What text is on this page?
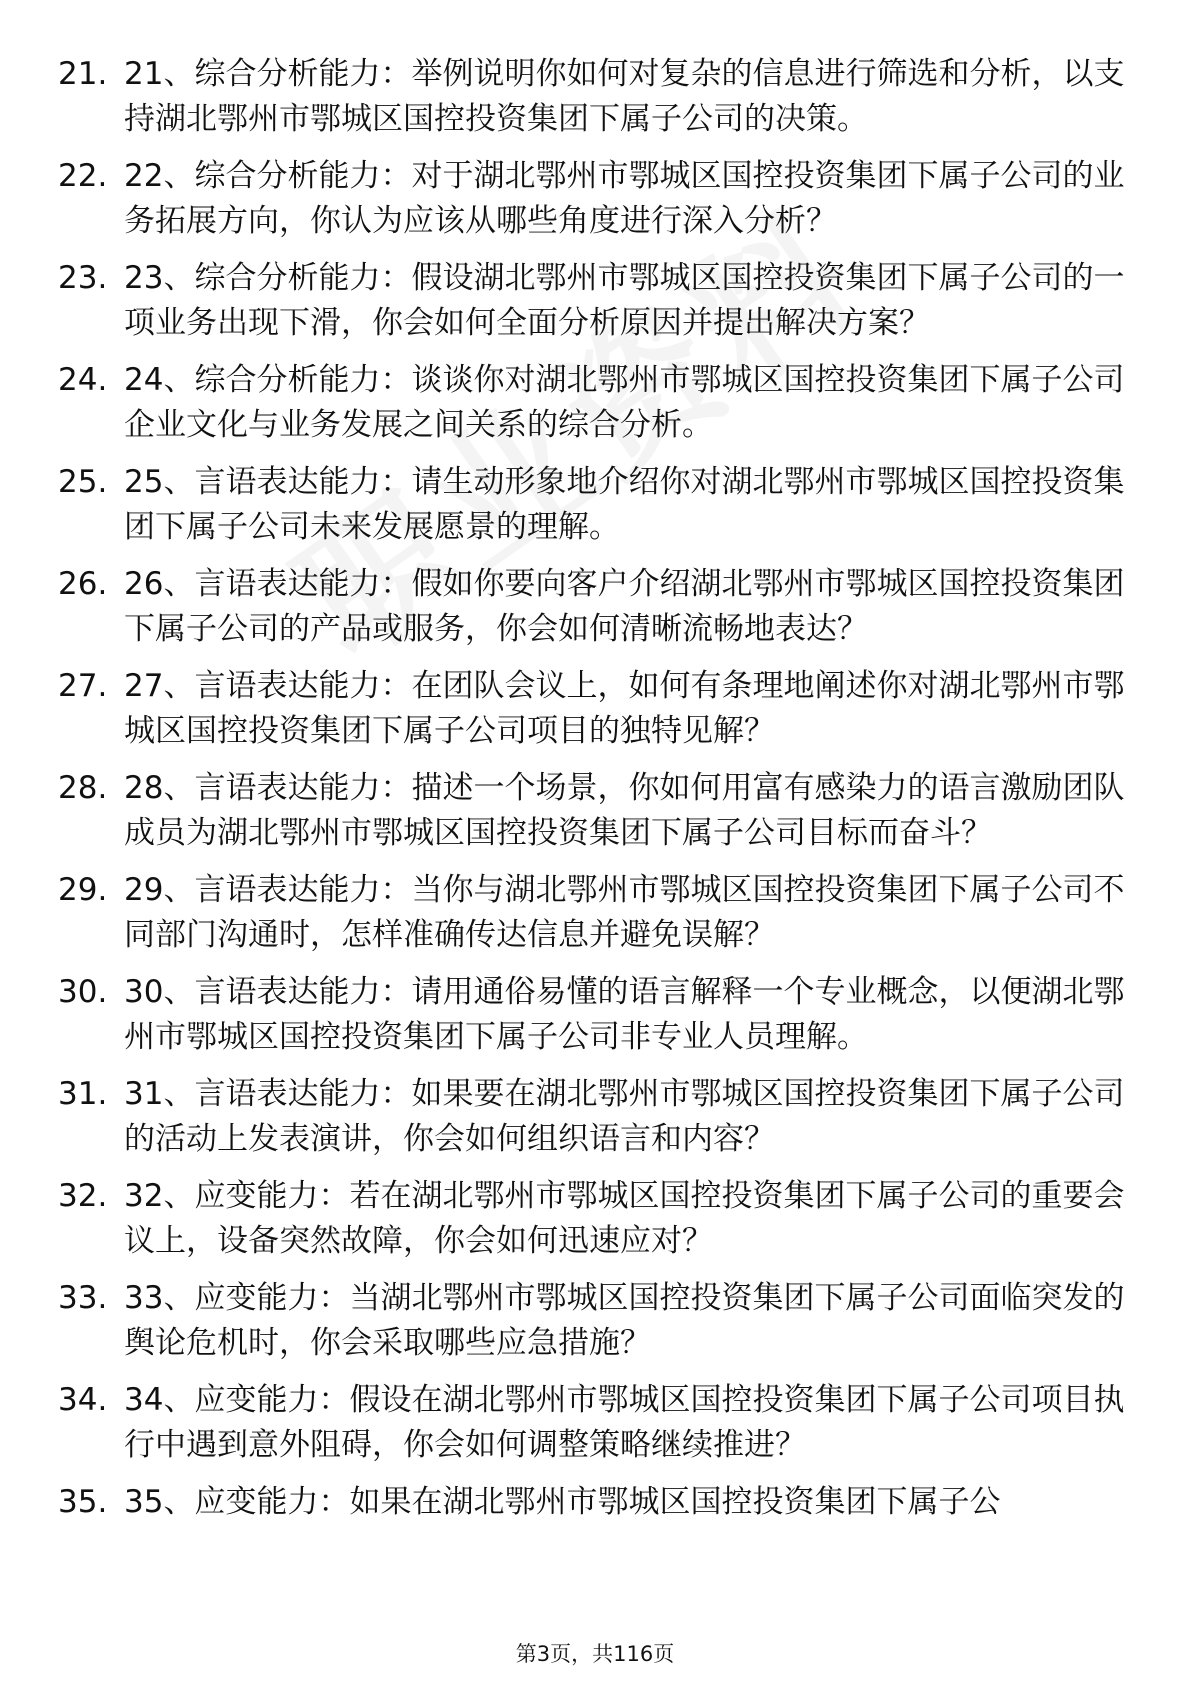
21. 21、综合分析能力：举例说明你如何对复杂的信息进行筛选和分析，以支持湖北鄂州市鄂城区国控投资集团下属子公司的决策。
22. 22、综合分析能力：对于湖北鄂州市鄂城区国控投资集团下属子公司的业务拓展方向，你认为应该从哪些角度进行深入分析？
23. 23、综合分析能力：假设湖北鄂州市鄂城区国控投资集团下属子公司的一项业务出现下滑，你会如何全面分析原因并提出解决方案？
24. 24、综合分析能力：谈谈你对湖北鄂州市鄂城区国控投资集团下属子公司企业文化与业务发展之间关系的综合分析。
25. 25、言语表达能力：请生动形象地介绍你对湖北鄂州市鄂城区国控投资集团下属子公司未来发展愿景的理解。
26. 26、言语表达能力：假如你要向客户介绍湖北鄂州市鄂城区国控投资集团下属子公司的产品或服务，你会如何清晰流畅地表达？
27. 27、言语表达能力：在团队会议上，如何有条理地阐述你对湖北鄂州市鄂城区国控投资集团下属子公司项目的独特见解？
28. 28、言语表达能力：描述一个场景，你如何用富有感染力的语言激励团队成员为湖北鄂州市鄂城区国控投资集团下属子公司目标而奋斗？
29. 29、言语表达能力：当你与湖北鄂州市鄂城区国控投资集团下属子公司不同部门沟通时，怎样准确传达信息并避免误解？
30. 30、言语表达能力：请用通俗易懂的语言解释一个专业概念，以便湖北鄂州市鄂城区国控投资集团下属子公司非专业人员理解。
31. 31、言语表达能力：如果要在湖北鄂州市鄂城区国控投资集团下属子公司的活动上发表演讲，你会如何组织语言和内容？
32. 32、应变能力：若在湖北鄂州市鄂城区国控投资集团下属子公司的重要会议上，设备突然故障，你会如何迅速应对？
33. 33、应变能力：当湖北鄂州市鄂城区国控投资集团下属子公司面临突发的舆论危机时，你会采取哪些应急措施？
34. 34、应变能力：假设在湖北鄂州市鄂城区国控投资集团下属子公司项目执行中遇到意外阻碍，你会如何调整策略继续推进？
35. 35、应变能力：如果在湖北鄂州市鄂城区国控投资集团下属子公
第3页，共116页
